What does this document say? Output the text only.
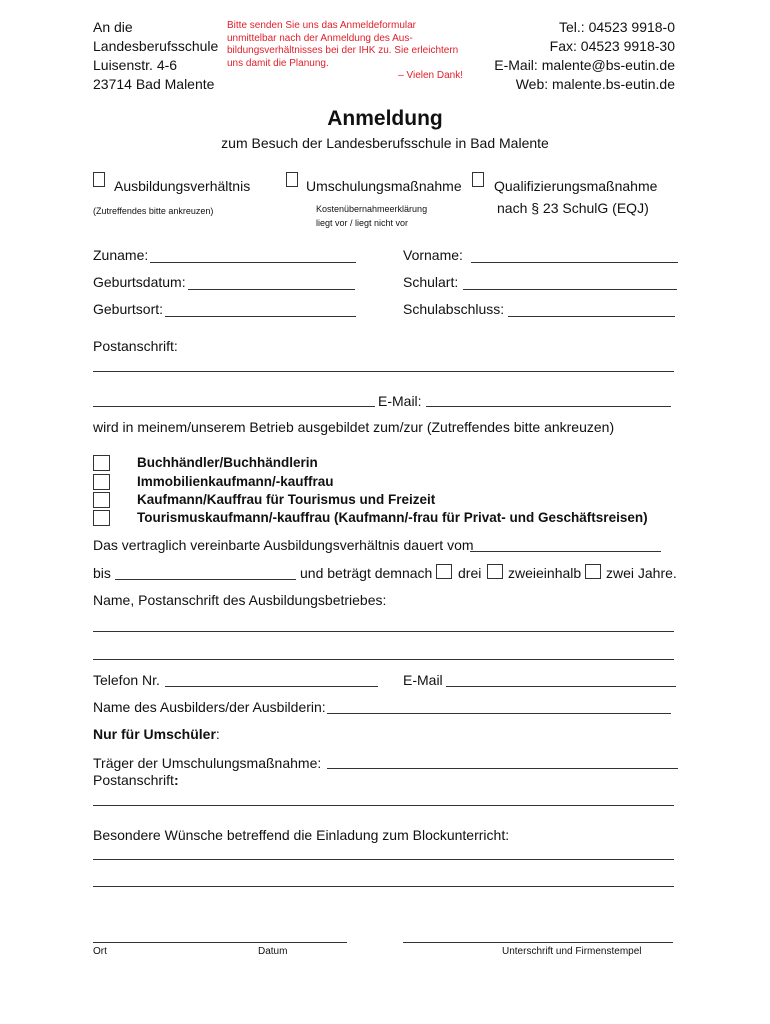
An die
Landesberufsschule
Luisenstr. 4-6
23714 Bad Malente
Bitte senden Sie uns das Anmeldeformular unmittelbar nach der Anmeldung des Aus-bildungsverhältnisses bei der IHK zu. Sie erleichtern uns damit die Planung.
– Vielen Dank!
Tel.: 04523 9918-0
Fax: 04523 9918-30
E-Mail: malente@bs-eutin.de
Web: malente.bs-eutin.de
Anmeldung
zum Besuch der Landesberufsschule in Bad Malente
Ausbildungsverhältnis
(Zutreffendes bitte ankreuzen)
Umschulungsmaßnahme
Kostenübernahmeerklärung
liegt vor / liegt nicht vor
Qualifizierungsmaßnahme
nach § 23 SchulG (EQJ)
Zuname:	Vorname:
Geburtsdatum:	Schulart:
Geburtsort:	Schulabschluss:
Postanschrift:
E-Mail:
wird in meinem/unserem Betrieb ausgebildet zum/zur (Zutreffendes bitte ankreuzen)
Buchhändler/Buchhändlerin
Immobilienkaufmann/-kauffrau
Kaufmann/Kauffrau für Tourismus und Freizeit
Tourismuskaufmann/-kauffrau (Kaufmann/-frau für Privat- und Geschäftsreisen)
Das vertraglich vereinbarte Ausbildungsverhältnis dauert vom
bis	und beträgt demnach drei zweieinhalb zwei Jahre.
Name, Postanschrift des Ausbildungsbetriebes:
Telefon Nr.	E-Mail
Name des Ausbilders/der Ausbilderin:
Nur für Umschüler:
Träger der Umschulungsmaßnahme:
Postanschrift:
Besondere Wünsche betreffend die Einladung zum Blockunterricht:
Ort	Datum	Unterschrift und Firmenstempel
